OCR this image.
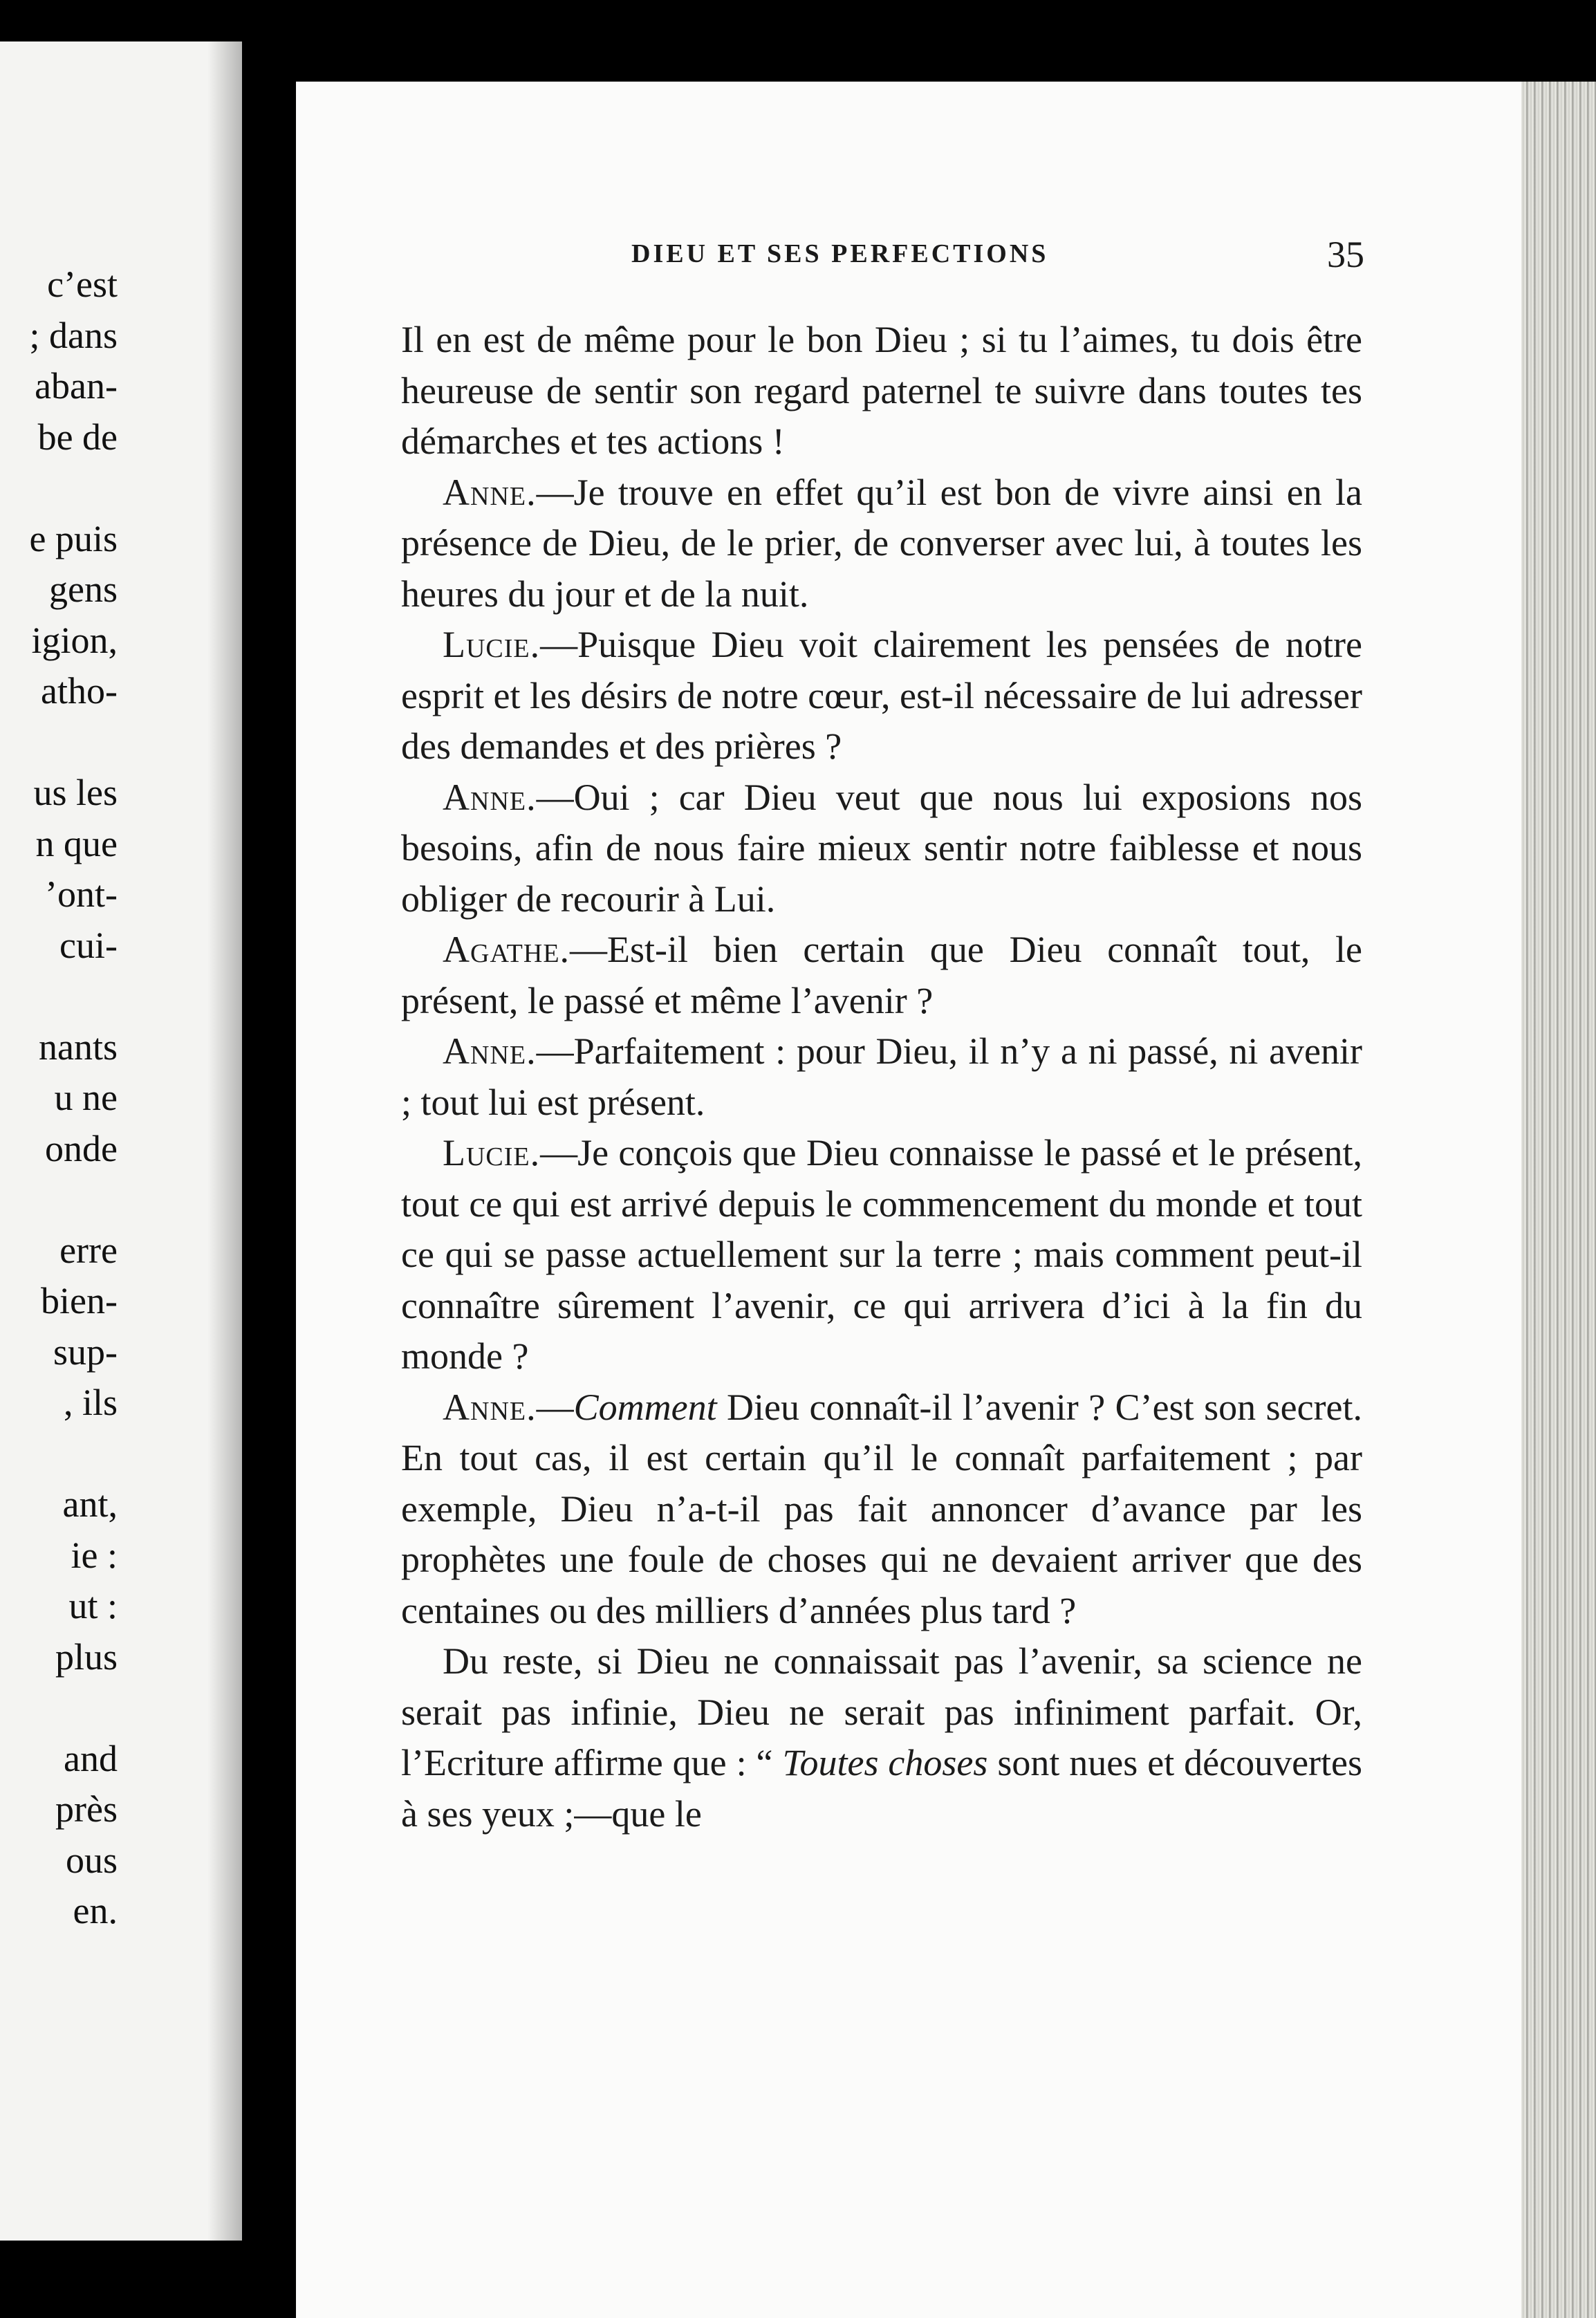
c’est
; dans
aban-
be de
e puis
gens
igion,
atho-
us les
n que
’ont-
cui-
nants
u ne
onde
erre
bien-
sup-
, ils
ant,
ie :
ut :
plus
and
près
ous
en.
DIEU ET SES PERFECTIONS	35

Il en est de même pour le bon Dieu ; si tu l’aimes, tu dois être heureuse de sentir son regard paternel te suivre dans toutes tes démarches et tes actions !

Anne.—Je trouve en effet qu’il est bon de vivre ainsi en la présence de Dieu, de le prier, de converser avec lui, à toutes les heures du jour et de la nuit.

Lucie.—Puisque Dieu voit clairement les pensées de notre esprit et les désirs de notre cœur, est-il nécessaire de lui adresser des demandes et des prières ?

Anne.—Oui ; car Dieu veut que nous lui exposions nos besoins, afin de nous faire mieux sentir notre faiblesse et nous obliger de recourir à Lui.

Agathe.—Est-il bien certain que Dieu connaît tout, le présent, le passé et même l’avenir ?

Anne.—Parfaitement : pour Dieu, il n’y a ni passé, ni avenir ; tout lui est présent.

Lucie.—Je conçois que Dieu connaisse le passé et le présent, tout ce qui est arrivé depuis le commencement du monde et tout ce qui se passe actuellement sur la terre ; mais comment peut-il connaître sûrement l’avenir, ce qui arrivera d’ici à la fin du monde ?

Anne.—Comment Dieu connaît-il l’avenir ? C’est son secret. En tout cas, il est certain qu’il le connaît parfaitement ; par exemple, Dieu n’a-t-il pas fait annoncer d’avance par les prophètes une foule de choses qui ne devaient arriver que des centaines ou des milliers d’années plus tard ?

Du reste, si Dieu ne connaissait pas l’avenir, sa science ne serait pas infinie, Dieu ne serait pas infiniment parfait. Or, l’Ecriture affirme que : “ Toutes choses sont nues et découvertes à ses yeux ;—que le
